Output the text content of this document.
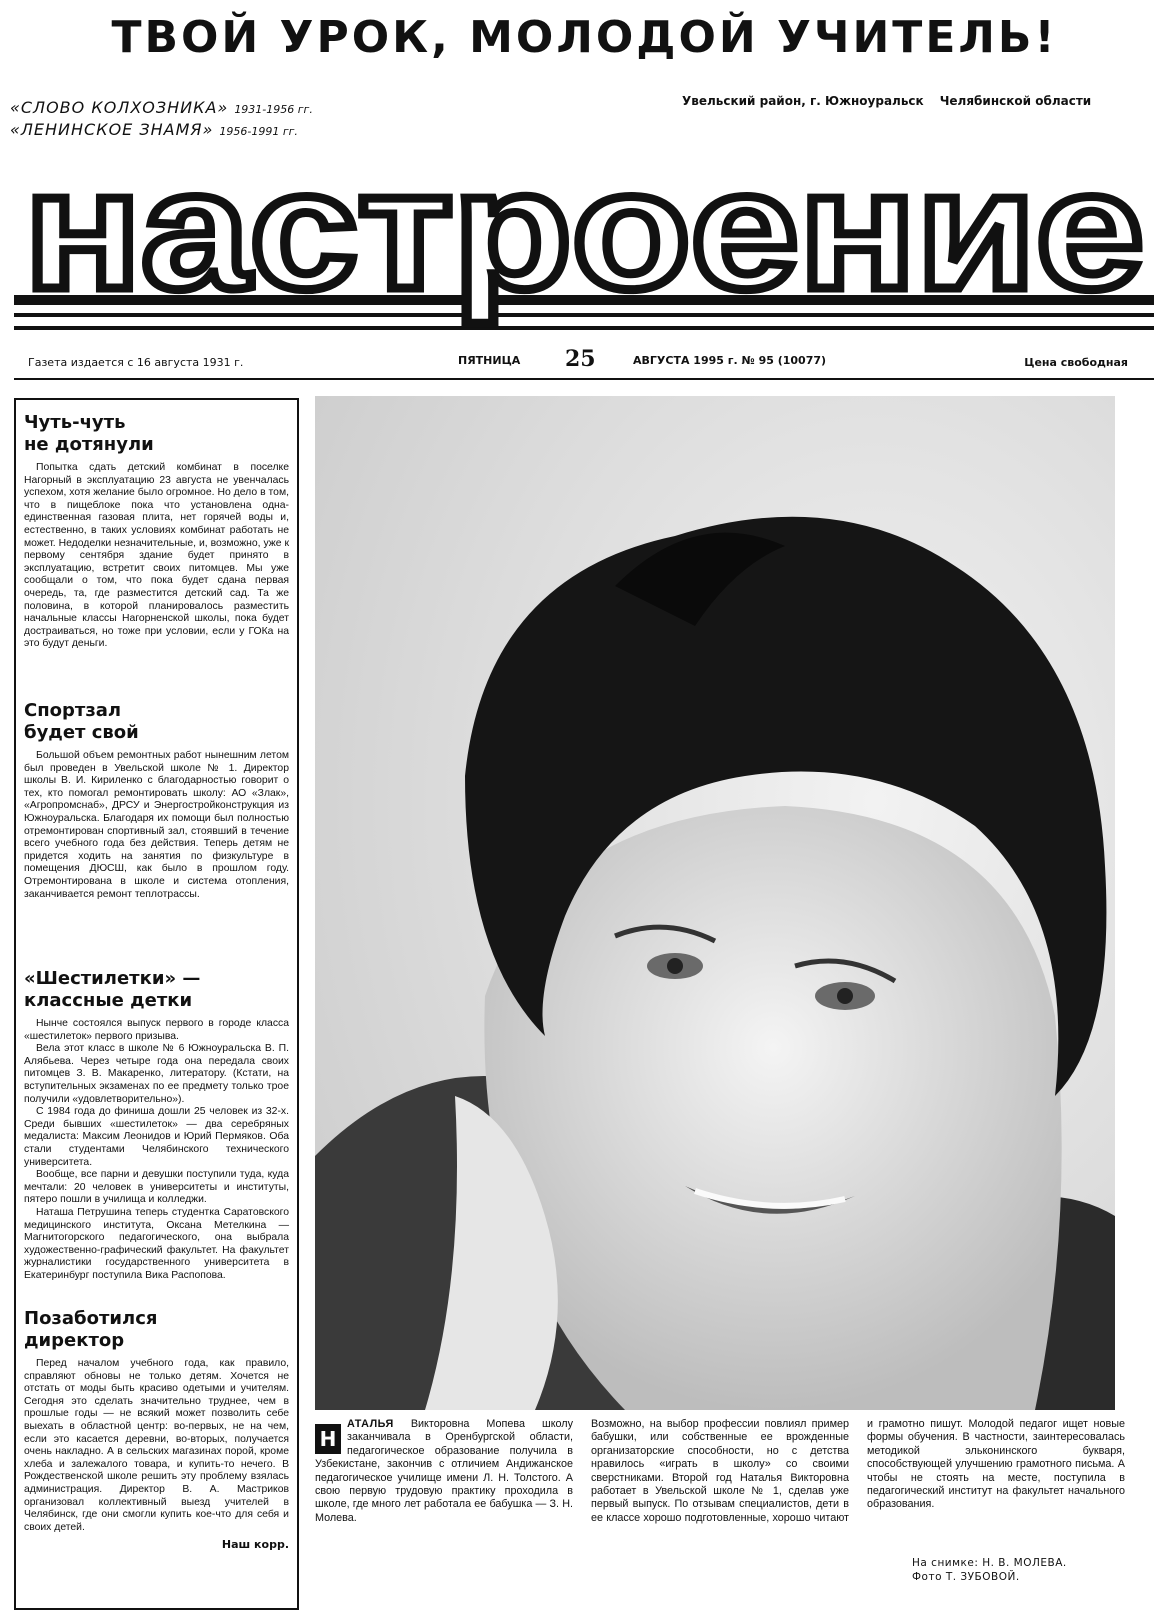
ТВОЙ УРОК, МОЛОДОЙ УЧИТЕЛЬ!
«СЛОВО КОЛХОЗНИКА» 1931-1956 гг.
«ЛЕНИНСКОЕ ЗНАМЯ» 1956-1991 гг.
Увельский район, г. Южноуральск Челябинской области
настроение
Газета издается с 16 августа 1931 г.	ПЯТНИЦА 25	АВГУСТА 1995 г. № 95 (10077)	Цена свободная
Чуть-чуть
не дотянули

Попытка сдать детский комбинат в поселке Нагорный в эксплуатацию 23 августа не увенчалась успехом, хотя желание было огромное. Но дело в том, что в пищеблоке пока что установлена одна-единственная газовая плита, нет горячей воды и, естественно, в таких условиях комбинат работать не может. Недоделки незначительные, и, возможно, уже к первому сентября здание будет принято в эксплуатацию, встретит своих питомцев. Мы уже сообщали о том, что пока будет сдана первая очередь, та, где разместится детский сад. Та же половина, в которой планировалось разместить начальные классы Нагорненской школы, пока будет достраиваться, но тоже при условии, если у ГОКа на это будут деньги.

Спортзал
будет свой

Большой объем ремонтных работ нынешним летом был проведен в Увельской школе № 1. Директор школы В. И. Кириленко с благодарностью говорит о тех, кто помогал ремонтировать школу: АО «Злак», «Агропромснаб», ДРСУ и Энергостройконструкция из Южноуральска. Благодаря их помощи был полностью отремонтирован спортивный зал, стоявший в течение всего учебного года без действия. Теперь детям не придется ходить на занятия по физкультуре в помещения ДЮСШ, как было в прошлом году. Отремонтирована в школе и система отопления, заканчивается ремонт теплотрассы.

«Шестилетки» —
классные детки

Нынче состоялся выпуск первого в городе класса «шестилеток» первого призыва.

Вела этот класс в школе № 6 Южноуральска В. П. Алябьева. Через четыре года она передала своих питомцев З. В. Макаренко, литератору. (Кстати, на вступительных экзаменах по ее предмету только трое получили «удовлетворительно»).

С 1984 года до финиша дошли 25 человек из 32-х. Среди бывших «шестилеток» — два серебряных медалиста: Максим Леонидов и Юрий Пермяков. Оба стали студентами Челябинского технического университета.

Вообще, все парни и девушки поступили туда, куда мечтали: 20 человек в университеты и институты, пятеро пошли в училища и колледжи.

Наташа Петрушина теперь студентка Саратовского медицинского института, Оксана Метелкина — Магнитогорского педагогического, она выбрала художественно-графический факультет. На факультет журналистики государственного университета в Екатеринбург поступила Вика Распопова.

Позаботился
директор

Перед началом учебного года, как правило, справляют обновы не только детям. Хочется не отстать от моды быть красиво одетыми и учителям. Сегодня это сделать значительно труднее, чем в прошлые годы — не всякий может позволить себе выехать в областной центр: во-первых, не на чем, если это касается деревни, во-вторых, получается очень накладно. А в сельских магазинах порой, кроме хлеба и залежалого товара, и купить-то нечего. В Рождественской школе решить эту проблему взялась администрация. Директор В. А. Мастриков организовал коллективный выезд учителей в Челябинск, где они смогли купить кое-что для себя и своих детей.

Наш корр.

Н
АТАЛЬЯ Викторовна Мопева школу заканчивала в Оренбургской области, педагогическое образование получила в Узбекистане, закончив с отличием Андижанское педагогическое училище имени Л. Н. Толстого. А свою первую трудовую практику проходила в школе, где много лет работала ее бабушка — З. Н. Молева.

Возможно, на выбор профессии повлиял пример бабушки, или собственные ее врожденные организаторские способности, но с детства нравилось «играть в школу» со своими сверстниками. Второй год Наталья Викторовна работает в Увельской школе № 1, сделав уже первый выпуск. По отзывам специалистов, дети в ее классе хорошо подготовленные, хорошо читают и грамотно пишут. Молодой педагог ищет новые формы обучения. В частности, заинтересовалась методикой эльконинского букваря, способствующей улучшению грамотного письма. А чтобы не стоять на месте, поступила в педагогический институт на факультет начального образования.

На снимке: Н. В. МОЛЕВА.
Фото Т. ЗУБОВОЙ.
